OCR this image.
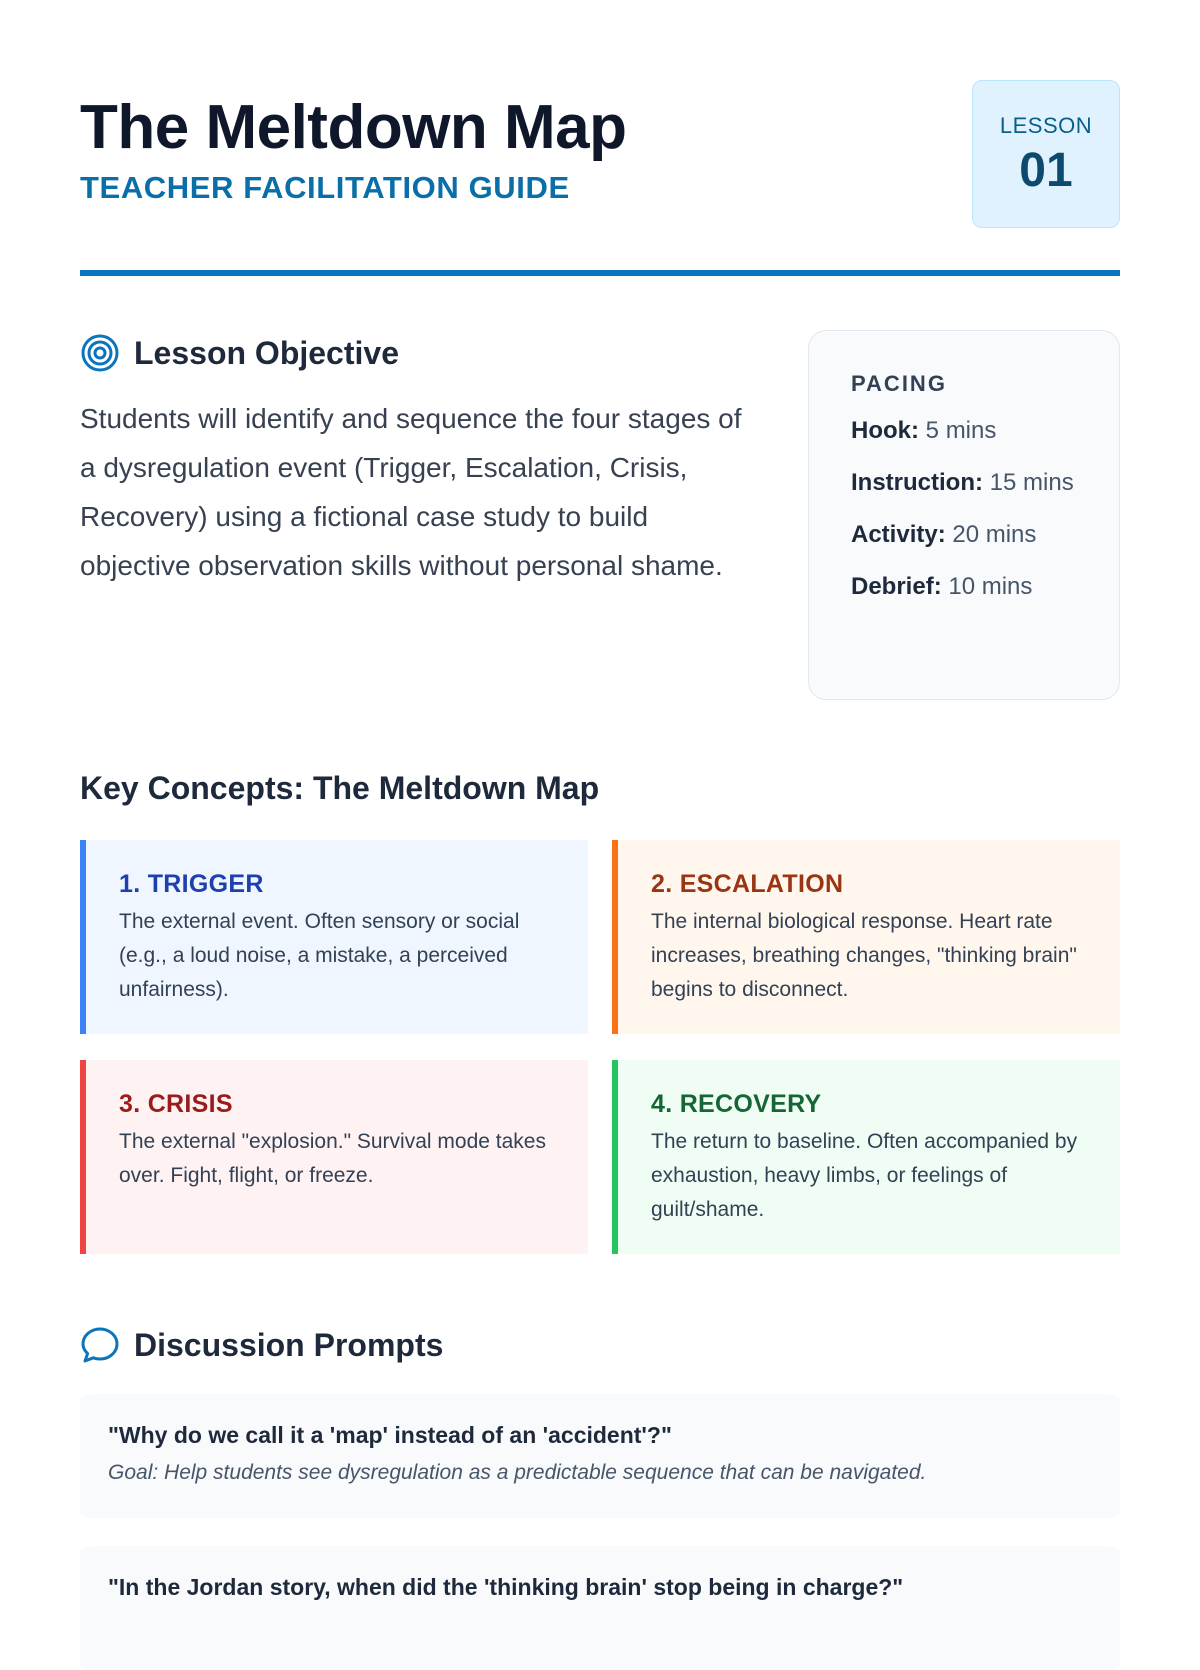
The Meltdown Map
TEACHER FACILITATION GUIDE
LESSON
01
Lesson Objective

Students will identify and sequence the four stages of a dysregulation event (Trigger, Escalation, Crisis, Recovery) using a fictional case study to build objective observation skills without personal shame.

PACING
Hook: 5 mins
Instruction: 15 mins
Activity: 20 mins
Debrief: 10 mins
Key Concepts: The Meltdown Map
1. TRIGGER

The external event. Often sensory or social (e.g., a loud noise, a mistake, a perceived unfairness).

2. ESCALATION

The internal biological response. Heart rate increases, breathing changes, "thinking brain" begins to disconnect.

3. CRISIS

The external "explosion." Survival mode takes over. Fight, flight, or freeze.

4. RECOVERY

The return to baseline. Often accompanied by exhaustion, heavy limbs, or feelings of guilt/shame.

Discussion Prompts
"Why do we call it a 'map' instead of an 'accident'?"
Goal: Help students see dysregulation as a predictable sequence that can be navigated.
"In the Jordan story, when did the 'thinking brain' stop being in charge?"
